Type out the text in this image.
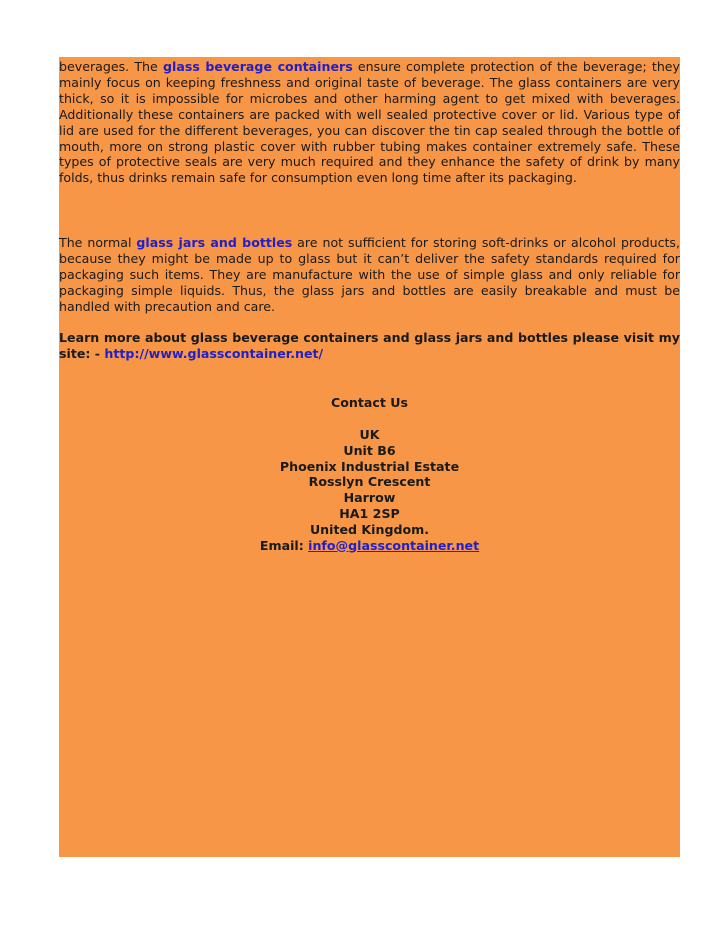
beverages. The glass beverage containers ensure complete protection of the beverage; they mainly focus on keeping freshness and original taste of beverage. The glass containers are very thick, so it is impossible for microbes and other harming agent to get mixed with beverages. Additionally these containers are packed with well sealed protective cover or lid. Various type of lid are used for the different beverages, you can discover the tin cap sealed through the bottle of mouth, more on strong plastic cover with rubber tubing makes container extremely safe. These types of protective seals are very much required and they enhance the safety of drink by many folds, thus drinks remain safe for consumption even long time after its packaging.

The normal glass jars and bottles are not sufficient for storing soft-drinks or alcohol products, because they might be made up to glass but it can’t deliver the safety standards required for packaging such items. They are manufacture with the use of simple glass and only reliable for packaging simple liquids. Thus, the glass jars and bottles are easily breakable and must be handled with precaution and care.

Learn more about glass beverage containers and glass jars and bottles please visit my site: - http://www.glasscontainer.net/

Contact Us
UK
Unit B6
Phoenix Industrial Estate
Rosslyn Crescent
Harrow
HA1 2SP
United Kingdom.
Email: info@glasscontainer.net
